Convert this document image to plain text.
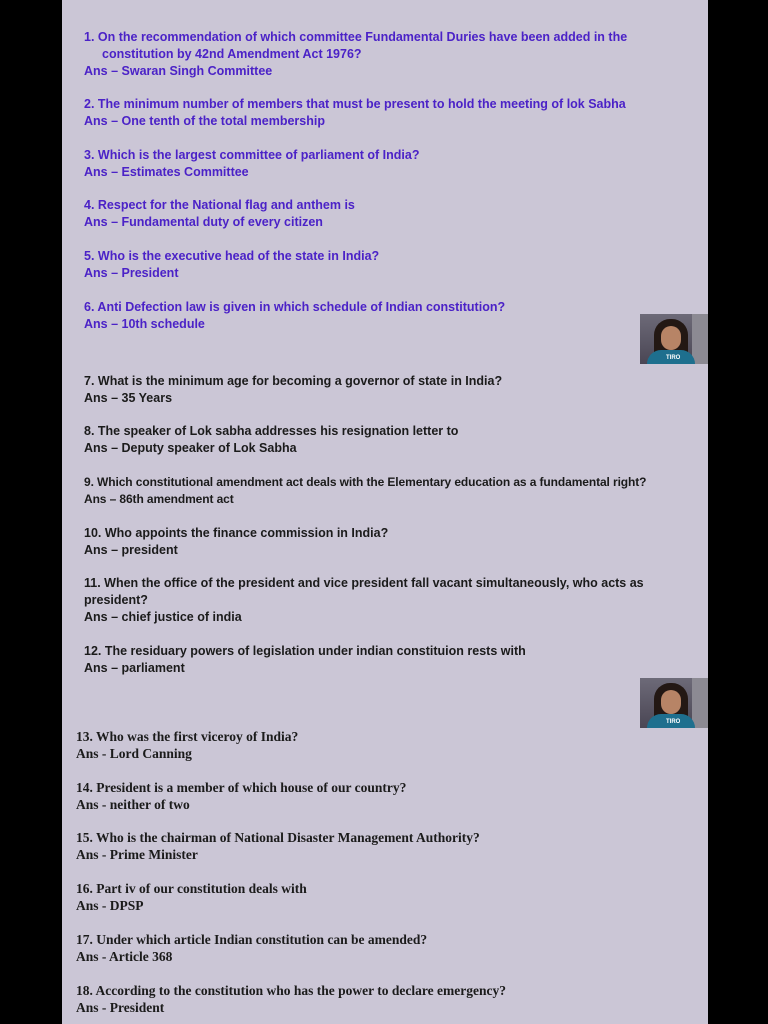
1. On the recommendation of which committee Fundamental Duries have been added in the

constitution by 42nd Amendment Act 1976?

Ans – Swaran Singh Committee

2. The minimum number of members that must be present to hold the meeting of lok Sabha

Ans – One tenth of the total membership

3. Which is the largest committee of parliament of India?

Ans – Estimates Committee

4. Respect for the National flag and anthem is

Ans – Fundamental duty of every citizen

5. Who is the executive head of the state in India?

Ans – President

6. Anti Defection law is given in which schedule of Indian constitution?

Ans – 10th schedule

7. What is the minimum age for becoming a governor of state in India?

Ans – 35 Years

8. The speaker of Lok sabha addresses his resignation letter to

Ans – Deputy speaker of Lok Sabha

9. Which constitutional amendment act deals with the Elementary education as a fundamental right?

Ans – 86th amendment act

10. Who appoints the finance commission in India?

Ans – president

11. When the office of the president and vice president fall vacant simultaneously, who acts as

president?

Ans – chief justice of india

12. The residuary powers of legislation under indian constituion rests with

Ans – parliament

13. Who was the first viceroy of India?

Ans - Lord Canning

14. President is a member of which house of our country?

Ans - neither of two

15. Who is the chairman of National Disaster Management Authority?

Ans - Prime Minister

16. Part iv of our constitution deals with

Ans - DPSP

17. Under which article Indian constitution can be amended?

Ans - Article 368

18. According to the constitution who has the power to declare emergency?

Ans - President

TIRO
TIRO
